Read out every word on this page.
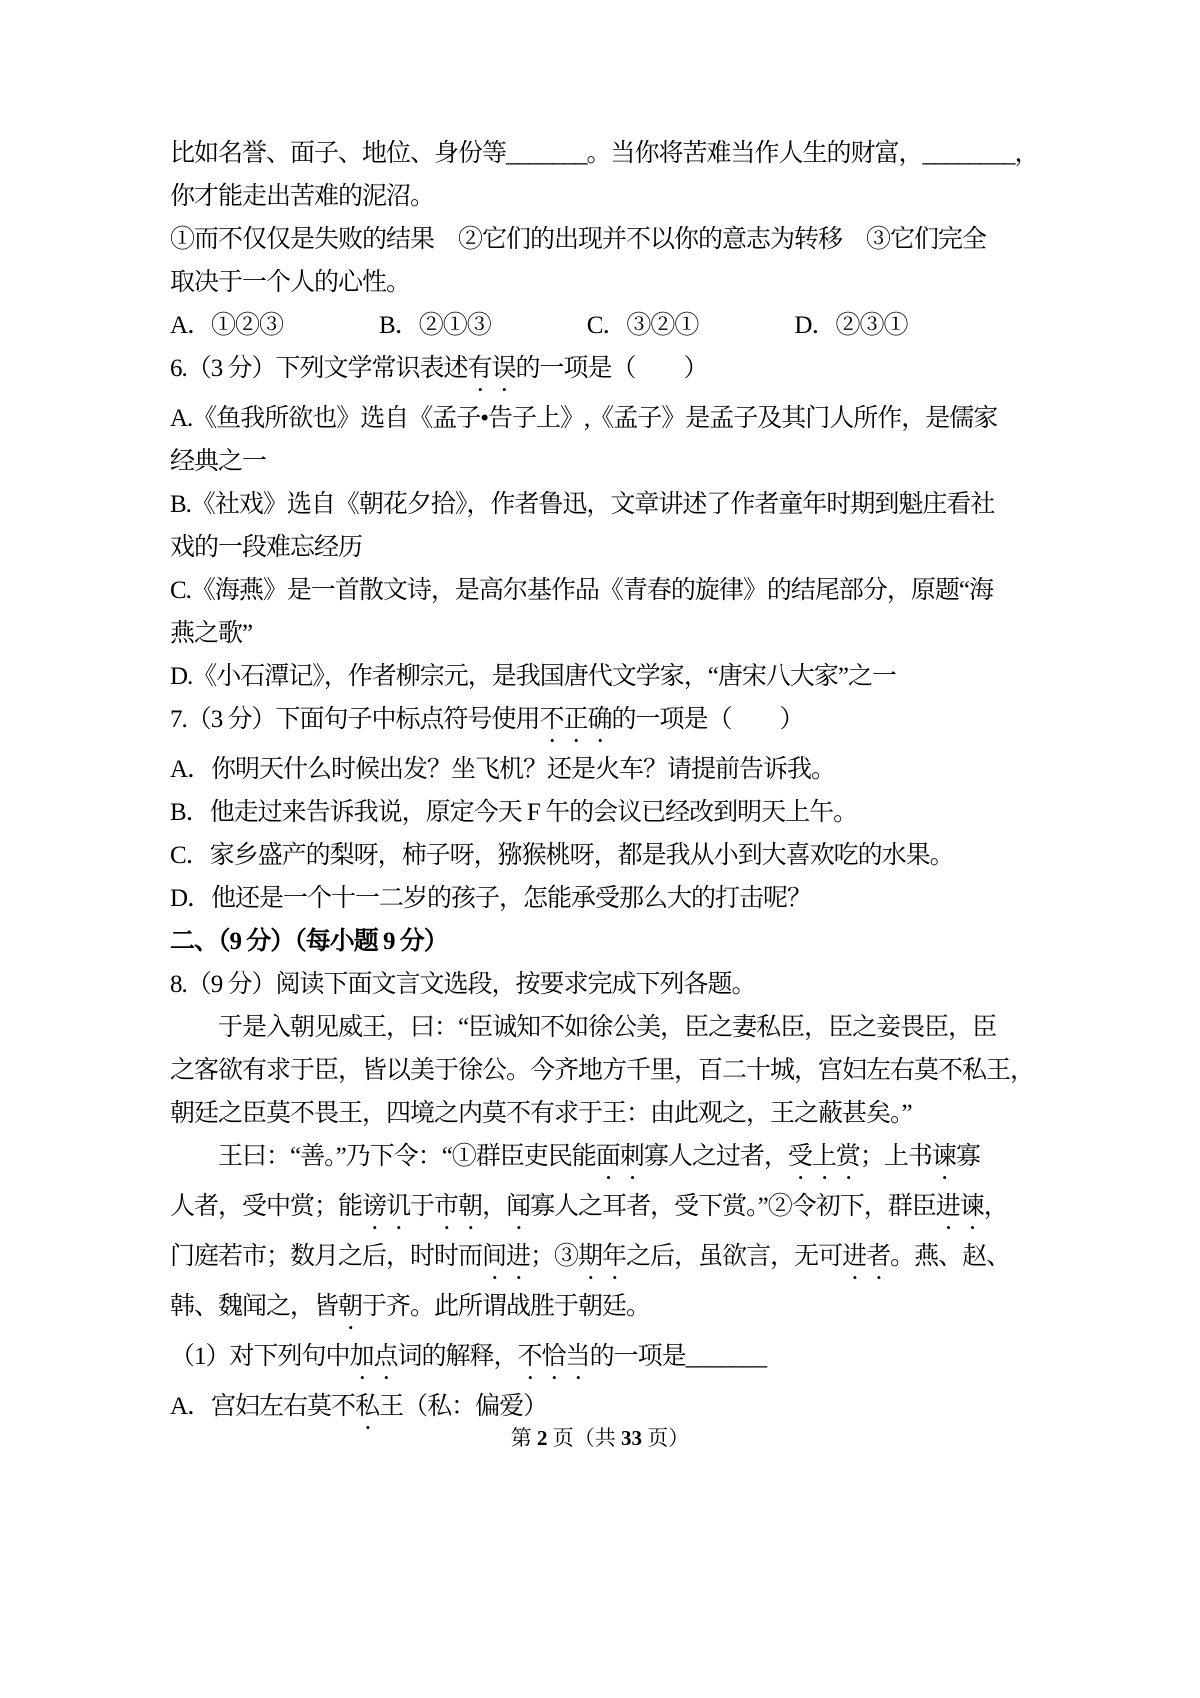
比如名誉、面子、地位、身份等_______。当你将苦难当作人生的财富，________，
你才能走出苦难的泥沼。
①而不仅仅是失败的结果　②它们的出现并不以你的意志为转移　③它们完全
取决于一个人的心性。
A．①②③　　　　B．②①③　　　　C．③②①　　　　D．②③①
6.（3 分）下列文学常识表述有误的一项是（　　）
A.《鱼我所欲也》选自《孟子•告子上》,《孟子》是孟子及其门人所作，是儒家
经典之一
B.《社戏》选自《朝花夕拾》，作者鲁迅，文章讲述了作者童年时期到魁庄看社
戏的一段难忘经历
C.《海燕》是一首散文诗，是高尔基作品《青春的旋律》的结尾部分，原题“海
燕之歌”
D.《小石潭记》，作者柳宗元，是我国唐代文学家，“唐宋八大家”之一
7.（3 分）下面句子中标点符号使用不正确的一项是（　　）
A．你明天什么时候出发？坐飞机？还是火车？请提前告诉我。
B．他走过来告诉我说，原定今天 F 午的会议已经改到明天上午。
C．家乡盛产的梨呀，柿子呀，猕猴桃呀，都是我从小到大喜欢吃的水果。
D．他还是一个十一二岁的孩子，怎能承受那么大的打击呢？
二、（9 分）（每小题 9 分）
8.（9 分）阅读下面文言文选段，按要求完成下列各题。
　　于是入朝见威王，曰：“臣诚知不如徐公美，臣之妻私臣，臣之妾畏臣，臣
之客欲有求于臣，皆以美于徐公。今齐地方千里，百二十城，宫妇左右莫不私王，
朝廷之臣莫不畏王，四境之内莫不有求于王：由此观之，王之蔽甚矣。”
　　王曰：“善。”乃下令：“①群臣吏民能面刺寡人之过者，受上赏；上书谏寡
人者，受中赏；能谤讥于市朝，闻寡人之耳者，受下赏。”②令初下，群臣进谏，
门庭若市；数月之后，时时而间进；③期年之后，虽欲言，无可进者。燕、赵、
韩、魏闻之，皆朝于齐。此所谓战胜于朝廷。
（1）对下列句中加点词的解释，不恰当的一项是_______
A．宫妇左右莫不私王（私：偏爱）
第 2 页（共 33 页）
